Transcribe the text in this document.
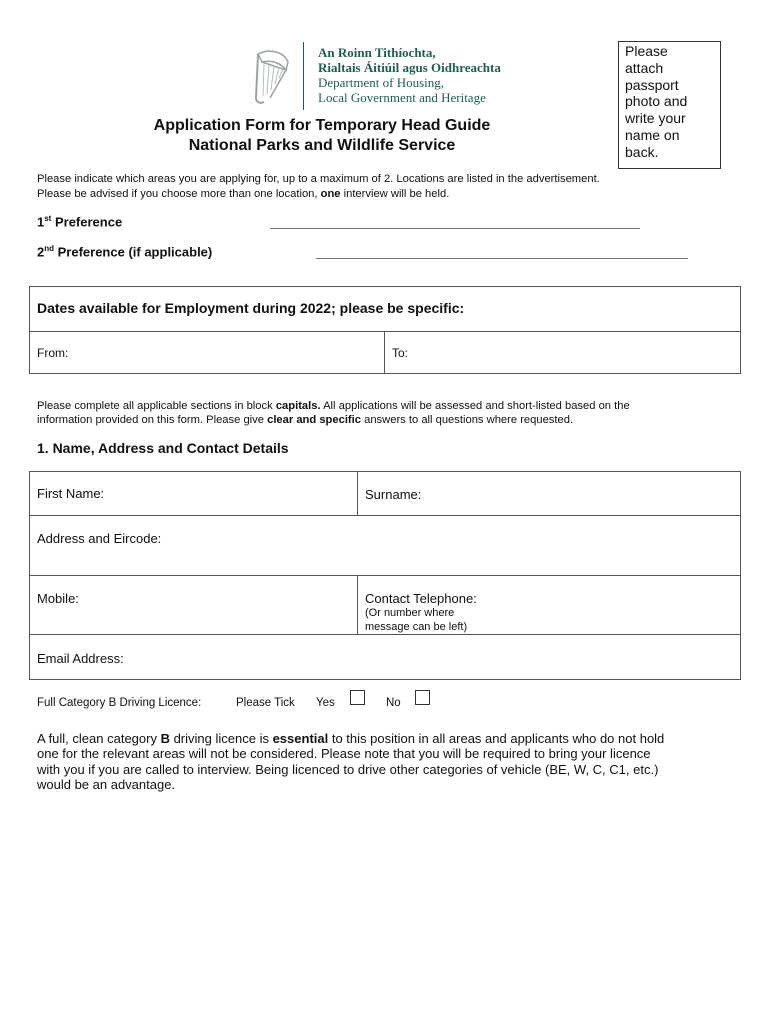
An Roinn Tithíochta,
Rialtais Áitiúil agus Oidhreachta
Department of Housing,
Local Government and Heritage
Please
attach
passport
photo and
write your
name on
back.
Application Form for Temporary Head Guide
National Parks and Wildlife Service
Please indicate which areas you are applying for, up to a maximum of 2. Locations are listed in the advertisement.
Please be advised if you choose more than one location, one interview will be held.
1st Preference
2nd Preference (if applicable)
Dates available for Employment during 2022; please be specific:
From:	To:
Please complete all applicable sections in block capitals. All applications will be assessed and short-listed based on the
information provided on this form. Please give clear and specific answers to all questions where requested.
1. Name, Address and Contact Details
First Name:	Surname:
Address and Eircode:
Mobile:	Contact Telephone:
(Or number where
message can be left)
Email Address:
Full Category B Driving Licence:	Please Tick Yes	No
A full, clean category B driving licence is essential to this position in all areas and applicants who do not hold
one for the relevant areas will not be considered. Please note that you will be required to bring your licence
with you if you are called to interview. Being licenced to drive other categories of vehicle (BE, W, C, C1, etc.)
would be an advantage.
